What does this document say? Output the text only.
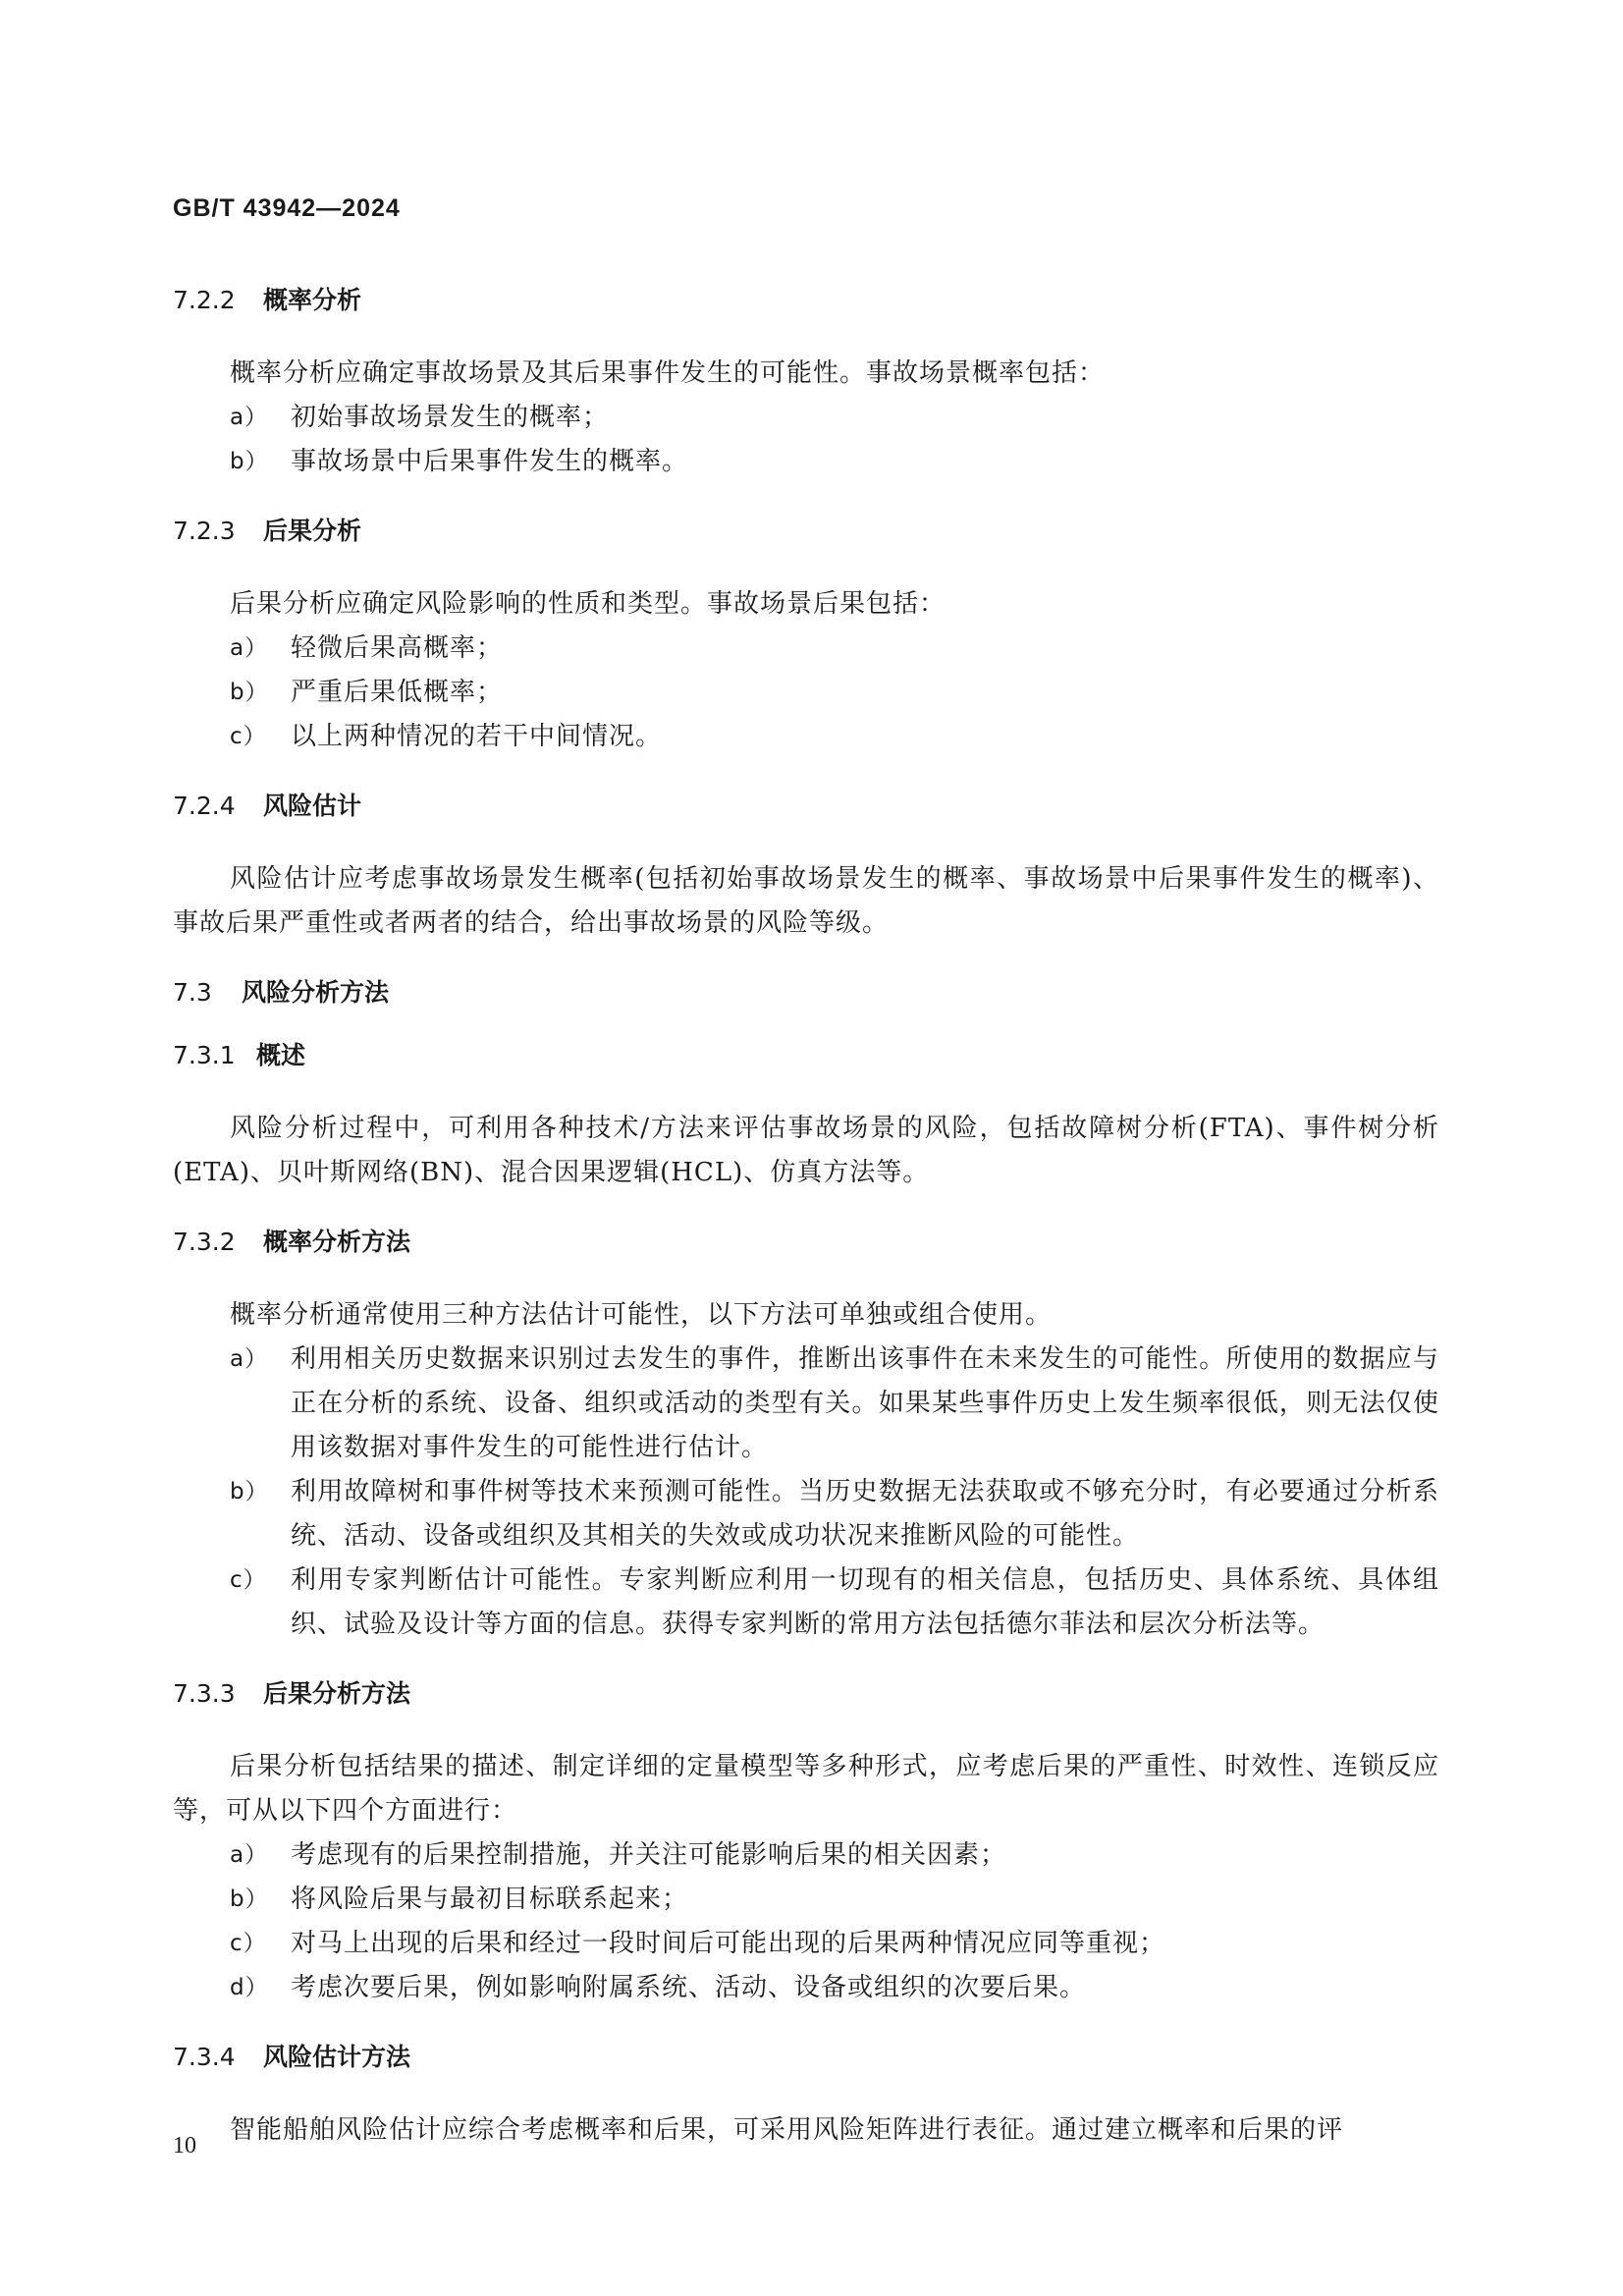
GB/T 43942—2024
7.2.2 概率分析

概率分析应确定事故场景及其后果事件发生的可能性。事故场景概率包括：

a） 初始事故场景发生的概率；
b） 事故场景中后果事件发生的概率。
7.2.3 后果分析

后果分析应确定风险影响的性质和类型。事故场景后果包括：

a） 轻微后果高概率；
b） 严重后果低概率；
c） 以上两种情况的若干中间情况。
7.2.4 风险估计

风险估计应考虑事故场景发生概率(包括初始事故场景发生的概率、事故场景中后果事件发生的概率)、事故后果严重性或者两者的结合，给出事故场景的风险等级。

7.3 风险分析方法
7.3.1 概述

风险分析过程中，可利用各种技术/方法来评估事故场景的风险，包括故障树分析(FTA)、事件树分析(ETA)、贝叶斯网络(BN)、混合因果逻辑(HCL)、仿真方法等。

7.3.2 概率分析方法

概率分析通常使用三种方法估计可能性，以下方法可单独或组合使用。

a） 利用相关历史数据来识别过去发生的事件，推断出该事件在未来发生的可能性。所使用的数据应与正在分析的系统、设备、组织或活动的类型有关。如果某些事件历史上发生频率很低，则无法仅使用该数据对事件发生的可能性进行估计。
b） 利用故障树和事件树等技术来预测可能性。当历史数据无法获取或不够充分时，有必要通过分析系统、活动、设备或组织及其相关的失效或成功状况来推断风险的可能性。
c） 利用专家判断估计可能性。专家判断应利用一切现有的相关信息，包括历史、具体系统、具体组织、试验及设计等方面的信息。获得专家判断的常用方法包括德尔菲法和层次分析法等。
7.3.3 后果分析方法

后果分析包括结果的描述、制定详细的定量模型等多种形式，应考虑后果的严重性、时效性、连锁反应等，可从以下四个方面进行：

a） 考虑现有的后果控制措施，并关注可能影响后果的相关因素；
b） 将风险后果与最初目标联系起来；
c） 对马上出现的后果和经过一段时间后可能出现的后果两种情况应同等重视；
d） 考虑次要后果，例如影响附属系统、活动、设备或组织的次要后果。
7.3.4 风险估计方法

智能船舶风险估计应综合考虑概率和后果，可采用风险矩阵进行表征。通过建立概率和后果的评

10
